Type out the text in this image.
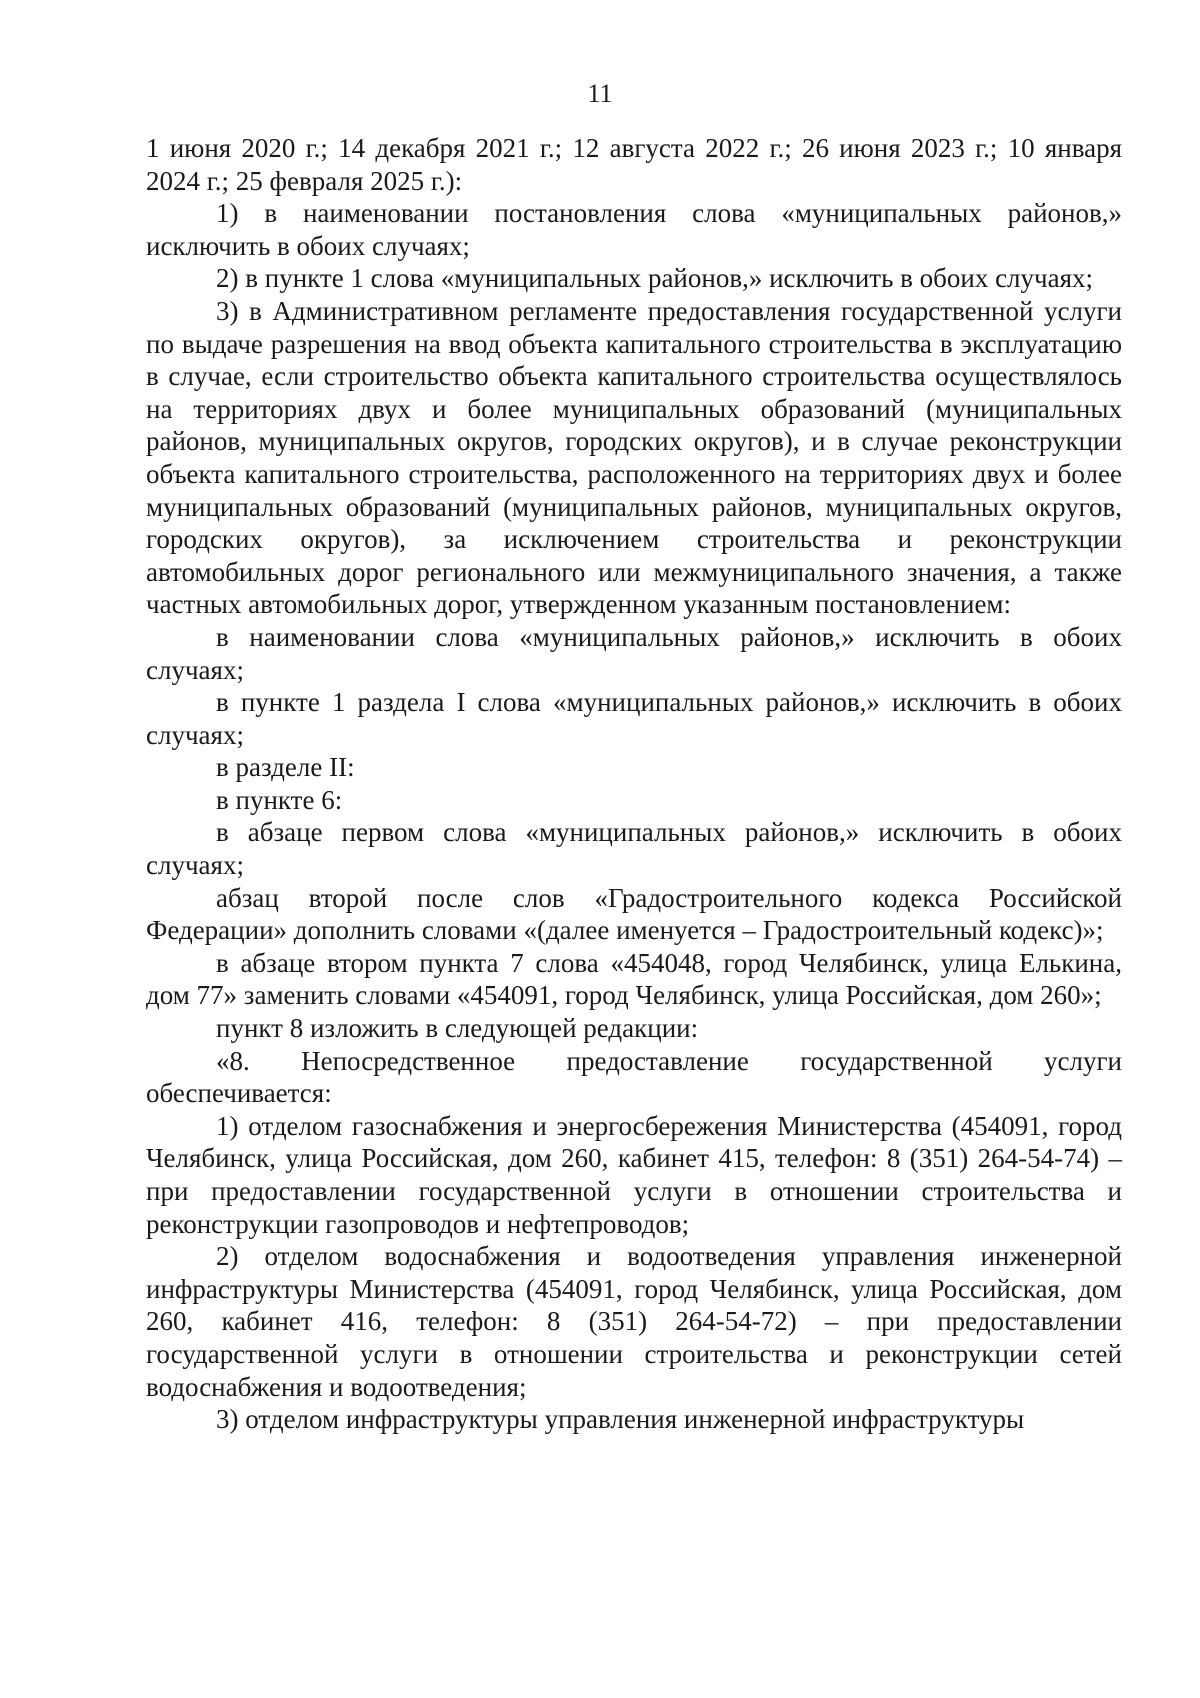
11

1 июня 2020 г.; 14 декабря 2021 г.; 12 августа 2022 г.; 26 июня 2023 г.; 10 января 2024 г.; 25 февраля 2025 г.):

1) в наименовании постановления слова «муниципальных районов,» исключить в обоих случаях;

2) в пункте 1 слова «муниципальных районов,» исключить в обоих случаях;

3) в Административном регламенте предоставления государственной услуги по выдаче разрешения на ввод объекта капитального строительства в эксплуатацию в случае, если строительство объекта капитального строительства осуществлялось на территориях двух и более муниципальных образований (муниципальных районов, муниципальных округов, городских округов), и в случае реконструкции объекта капитального строительства, расположенного на территориях двух и более муниципальных образований (муниципальных районов, муниципальных округов, городских округов), за исключением строительства и реконструкции автомобильных дорог регионального или межмуниципального значения, а также частных автомобильных дорог, утвержденном указанным постановлением:

в наименовании слова «муниципальных районов,» исключить в обоих случаях;

в пункте 1 раздела I слова «муниципальных районов,» исключить в обоих случаях;

в разделе II:

в пункте 6:

в абзаце первом слова «муниципальных районов,» исключить в обоих случаях;

абзац второй после слов «Градостроительного кодекса Российской Федерации» дополнить словами «(далее именуется – Градостроительный кодекс)»;

в абзаце втором пункта 7 слова «454048, город Челябинск, улица Елькина, дом 77» заменить словами «454091, город Челябинск, улица Российская, дом 260»;

пункт 8 изложить в следующей редакции:

«8. Непосредственное предоставление государственной услуги обеспечивается:

1) отделом газоснабжения и энергосбережения Министерства (454091, город Челябинск, улица Российская, дом 260, кабинет 415, телефон: 8 (351) 264-54-74) – при предоставлении государственной услуги в отношении строительства и реконструкции газопроводов и нефтепроводов;

2) отделом водоснабжения и водоотведения управления инженерной инфраструктуры Министерства (454091, город Челябинск, улица Российская, дом 260, кабинет 416, телефон: 8 (351) 264-54-72) – при предоставлении государственной услуги в отношении строительства и реконструкции сетей водоснабжения и водоотведения;

3) отделом инфраструктуры управления инженерной инфраструктуры
